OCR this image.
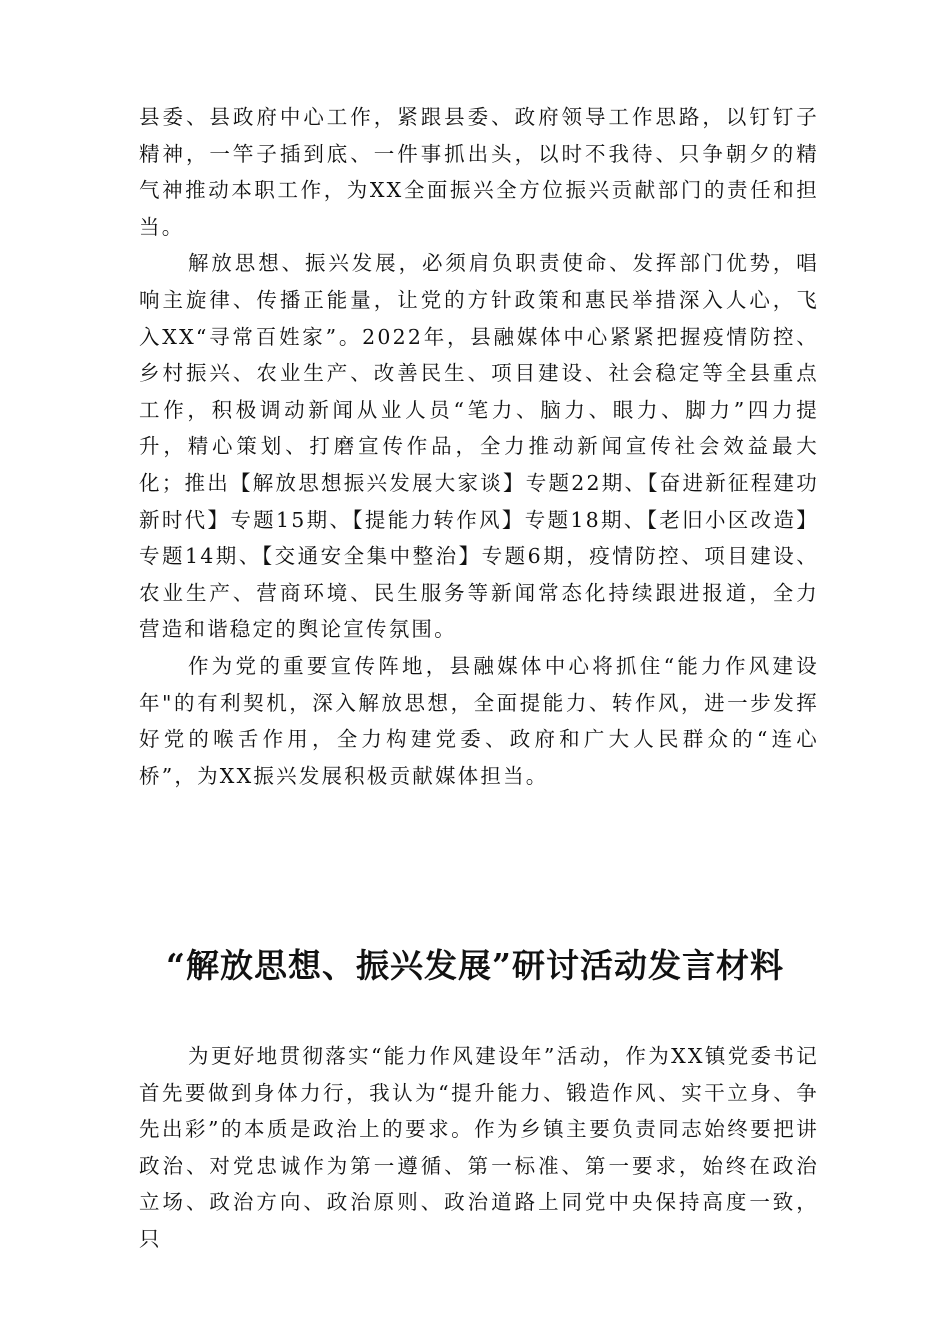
县委、县政府中心工作，紧跟县委、政府领导工作思路，以钉钉子精神，一竿子插到底、一件事抓出头，以时不我待、只争朝夕的精气神推动本职工作，为XX全面振兴全方位振兴贡献部门的责任和担当。

解放思想、振兴发展，必须肩负职责使命、发挥部门优势，唱响主旋律、传播正能量，让党的方针政策和惠民举措深入人心，飞入XX“寻常百姓家”。2022年，县融媒体中心紧紧把握疫情防控、乡村振兴、农业生产、改善民生、项目建设、社会稳定等全县重点工作，积极调动新闻从业人员“笔力、脑力、眼力、脚力”四力提升，精心策划、打磨宣传作品，全力推动新闻宣传社会效益最大化；推出【解放思想振兴发展大家谈】专题22期、【奋进新征程建功新时代】专题15期、【提能力转作风】专题18期、【老旧小区改造】专题14期、【交通安全集中整治】专题6期，疫情防控、项目建设、农业生产、营商环境、民生服务等新闻常态化持续跟进报道，全力营造和谐稳定的舆论宣传氛围。

作为党的重要宣传阵地，县融媒体中心将抓住“能力作风建设年"的有利契机，深入解放思想，全面提能力、转作风，进一步发挥好党的喉舌作用，全力构建党委、政府和广大人民群众的“连心桥”，为XX振兴发展积极贡献媒体担当。

“解放思想、振兴发展”研讨活动发言材料

为更好地贯彻落实“能力作风建设年”活动，作为XX镇党委书记首先要做到身体力行，我认为“提升能力、锻造作风、实干立身、争先出彩”的本质是政治上的要求。作为乡镇主要负责同志始终要把讲政治、对党忠诚作为第一遵循、第一标准、第一要求，始终在政治立场、政治方向、政治原则、政治道路上同党中央保持高度一致，只
